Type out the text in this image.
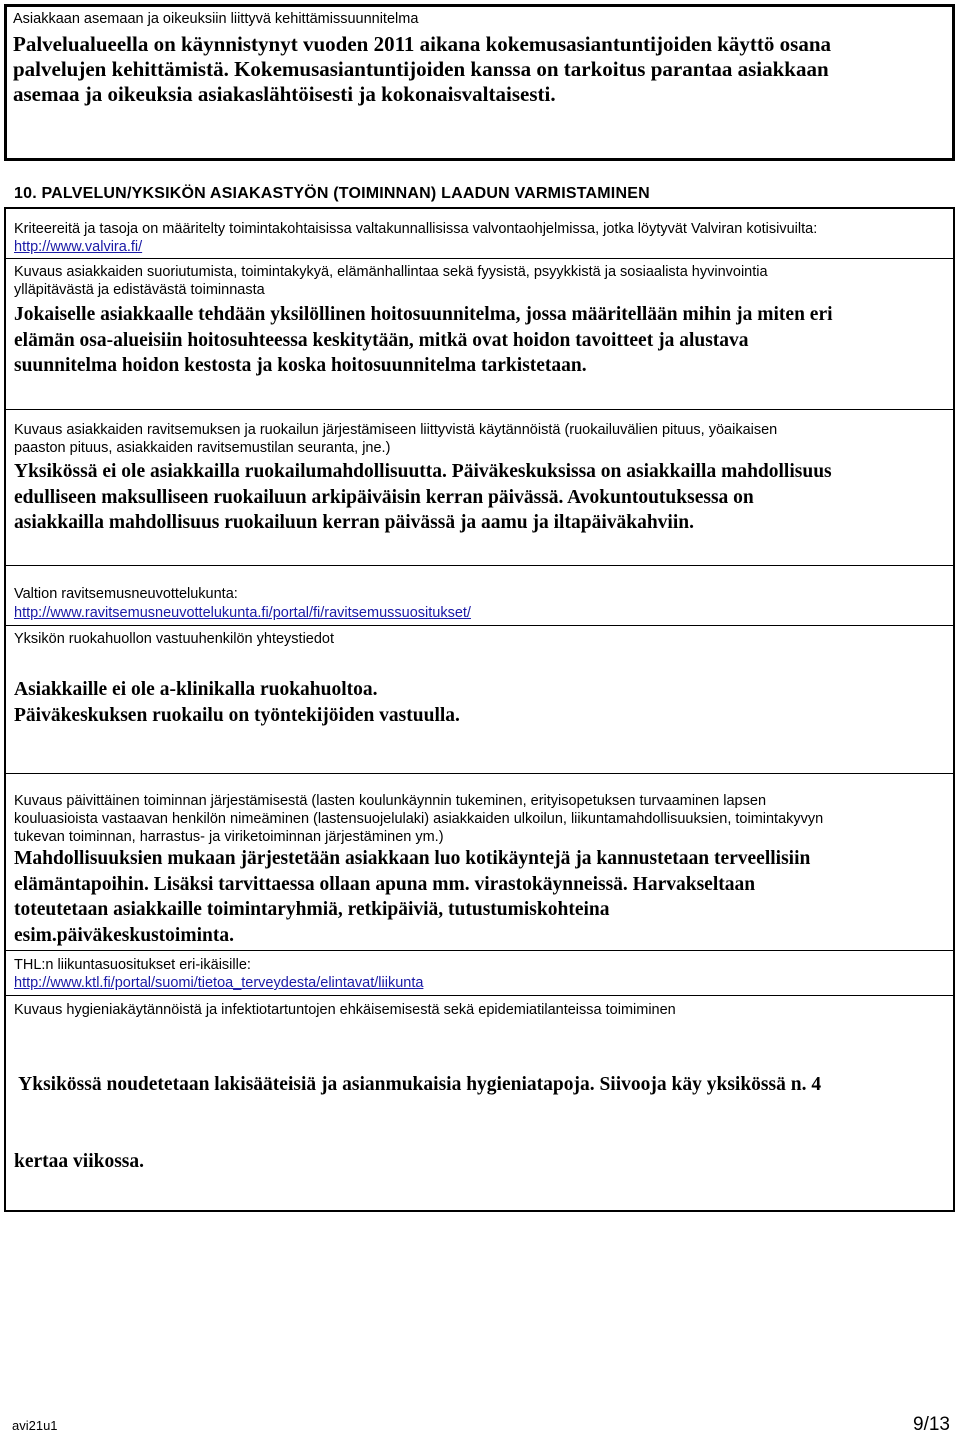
Asiakkaan asemaan ja oikeuksiin liittyvä kehittämissuunnitelma
Palvelualueella on käynnistynyt vuoden 2011 aikana kokemusasiantuntijoiden käyttö osana
palvelujen kehittämistä. Kokemusasiantuntijoiden kanssa on tarkoitus parantaa asiakkaan
asemaa ja oikeuksia asiakaslähtöisesti ja kokonaisvaltaisesti.
10. PALVELUN/YKSIKÖN ASIAKASTYÖN (TOIMINNAN) LAADUN VARMISTAMINEN
Kriteereitä ja tasoja on määritelty toimintakohtaisissa valtakunnallisissa valvontaohjelmissa, jotka löytyvät Valviran kotisivuilta:
http://www.valvira.fi/
Kuvaus asiakkaiden suoriutumista, toimintakykyä, elämänhallintaa sekä fyysistä, psyykkistä ja sosiaalista hyvinvointia
ylläpitävästä ja edistävästä toiminnasta
Jokaiselle asiakkaalle tehdään yksilöllinen hoitosuunnitelma, jossa määritellään mihin ja miten eri
elämän osa-alueisiin hoitosuhteessa keskitytään, mitkä ovat hoidon tavoitteet ja alustava
suunnitelma hoidon kestosta ja koska hoitosuunnitelma tarkistetaan.
Kuvaus asiakkaiden ravitsemuksen ja ruokailun järjestämiseen liittyvistä käytännöistä (ruokailuvälien pituus, yöaikaisen
paaston pituus, asiakkaiden ravitsemustilan seuranta, jne.)
Yksikössä ei ole asiakkailla ruokailumahdollisuutta. Päiväkeskuksissa on asiakkailla mahdollisuus
edulliseen maksulliseen ruokailuun arkipäiväisin kerran päivässä. Avokuntoutuksessa on
asiakkailla mahdollisuus ruokailuun kerran päivässä ja aamu ja iltapäiväkahviin.
Valtion ravitsemusneuvottelukunta:
http://www.ravitsemusneuvottelukunta.fi/portal/fi/ravitsemussuositukset/
Yksikön ruokahuollon vastuuhenkilön yhteystiedot
Asiakkaille ei ole a-klinikalla ruokahuoltoa.
Päiväkeskuksen ruokailu on työntekijöiden vastuulla.
Kuvaus päivittäinen toiminnan järjestämisestä (lasten koulunkäynnin tukeminen, erityisopetuksen turvaaminen lapsen
kouluasioista vastaavan henkilön nimeäminen (lastensuojelulaki) asiakkaiden ulkoilun, liikuntamahdollisuuksien, toimintakyvyn
tukevan toiminnan, harrastus- ja viriketoiminnan järjestäminen ym.)
Mahdollisuuksien mukaan järjestetään asiakkaan luo kotikäyntejä ja kannustetaan terveellisiin
elämäntapoihin. Lisäksi tarvittaessa ollaan apuna mm. virastokäynneissä. Harvakseltaan
toteutetaan asiakkaille toimintaryhmiä, retkipäiviä, tutustumiskohteina
esim.päiväkeskustoiminta.
THL:n liikuntasuositukset eri-ikäisille:
http://www.ktl.fi/portal/suomi/tietoa_terveydesta/elintavat/liikunta
Kuvaus hygieniakäytännöistä ja infektiotartuntojen ehkäisemisestä sekä epidemiatilanteissa toimiminen

Yksikössä noudetetaan lakisääteisiä ja asianmukaisia hygieniatapoja. Siivooja käy yksikössä n. 4

kertaa viikossa.

avi21u1	9/13
